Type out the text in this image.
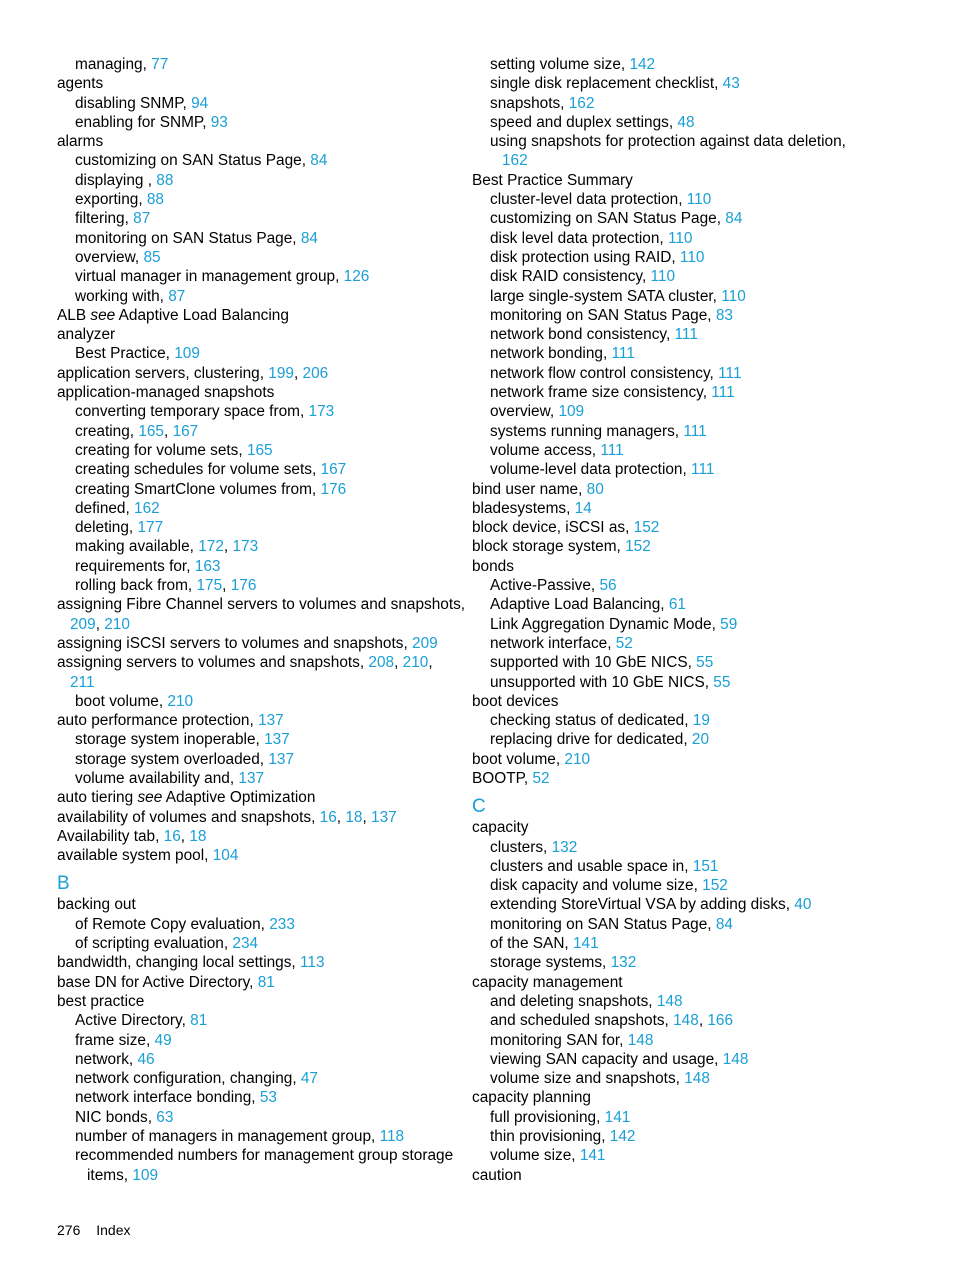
managing, 77
agents
disabling SNMP, 94
enabling for SNMP, 93
alarms
customizing on SAN Status Page, 84
displaying , 88
exporting, 88
filtering, 87
monitoring on SAN Status Page, 84
overview, 85
virtual manager in management group, 126
working with, 87
ALB see Adaptive Load Balancing
analyzer
Best Practice, 109
application servers, clustering, 199, 206
application-managed snapshots
converting temporary space from, 173
creating, 165, 167
creating for volume sets, 165
creating schedules for volume sets, 167
creating SmartClone volumes from, 176
defined, 162
deleting, 177
making available, 172, 173
requirements for, 163
rolling back from, 175, 176
assigning Fibre Channel servers to volumes and snapshots,
209, 210
assigning iSCSI servers to volumes and snapshots, 209
assigning servers to volumes and snapshots, 208, 210,
211
boot volume, 210
auto performance protection, 137
storage system inoperable, 137
storage system overloaded, 137
volume availability and, 137
auto tiering see Adaptive Optimization
availability of volumes and snapshots, 16, 18, 137
Availability tab, 16, 18
available system pool, 104
B
backing out
of Remote Copy evaluation, 233
of scripting evaluation, 234
bandwidth, changing local settings, 113
base DN for Active Directory, 81
best practice
Active Directory, 81
frame size, 49
network, 46
network configuration, changing, 47
network interface bonding, 53
NIC bonds, 63
number of managers in management group, 118
recommended numbers for management group storage
items, 109
setting volume size, 142
single disk replacement checklist, 43
snapshots, 162
speed and duplex settings, 48
using snapshots for protection against data deletion,
162
Best Practice Summary
cluster-level data protection, 110
customizing on SAN Status Page, 84
disk level data protection, 110
disk protection using RAID, 110
disk RAID consistency, 110
large single-system SATA cluster, 110
monitoring on SAN Status Page, 83
network bond consistency, 111
network bonding, 111
network flow control consistency, 111
network frame size consistency, 111
overview, 109
systems running managers, 111
volume access, 111
volume-level data protection, 111
bind user name, 80
bladesystems, 14
block device, iSCSI as, 152
block storage system, 152
bonds
Active-Passive, 56
Adaptive Load Balancing, 61
Link Aggregation Dynamic Mode, 59
network interface, 52
supported with 10 GbE NICS, 55
unsupported with 10 GbE NICS, 55
boot devices
checking status of dedicated, 19
replacing drive for dedicated, 20
boot volume, 210
BOOTP, 52
C
capacity
clusters, 132
clusters and usable space in, 151
disk capacity and volume size, 152
extending StoreVirtual VSA by adding disks, 40
monitoring on SAN Status Page, 84
of the SAN, 141
storage systems, 132
capacity management
and deleting snapshots, 148
and scheduled snapshots, 148, 166
monitoring SAN for, 148
viewing SAN capacity and usage, 148
volume size and snapshots, 148
capacity planning
full provisioning, 141
thin provisioning, 142
volume size, 141
caution
276 Index
